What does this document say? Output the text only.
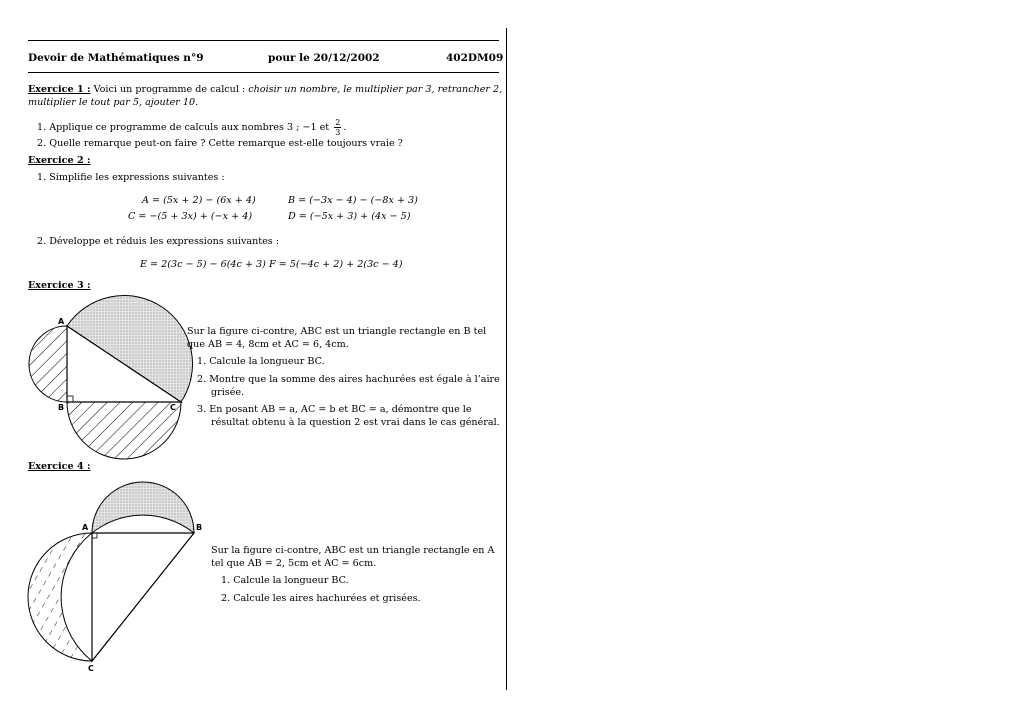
Devoir de Mathématiques n°9	pour le 20/12/2002	402DM09
Exercice 1 : Voici un programme de calcul : choisir un nombre, le multiplier par 3, retrancher 2,
multiplier le tout par 5, ajouter 10.
1. Applique ce programme de calculs aux nombres 3 ; −1 et $\frac{2}{3}$ .
2. Quelle remarque peut-on faire ? Cette remarque est-elle toujours vraie ?
Exercice 2 :
1. Simplifie les expressions suivantes :
A = (5x + 2) − (6x + 4)	B = (−3x − 4) − (−8x + 3)
C = −(5 + 3x) + (−x + 4)	D = (−5x + 3) + (4x − 5)
2. Développe et réduis les expressions suivantes :
E = 2(3c − 5) − 6(4c + 3) F = 5(−4c + 2) + 2(3c − 4)
Exercice 3 :
A
B	C
Sur la figure ci-contre, ABC est un triangle rectangle en B tel
que AB = 4, 8cm et AC = 6, 4cm.
1. Calcule la longueur BC.
2. Montre que la somme des aires hachurées est égale à l’aire
grisée.
3. En posant AB = a, AC = b et BC = a, démontre que le
résultat obtenu à la question 2 est vrai dans le cas général.
Exercice 4 :
A	B
C
Sur la figure ci-contre, ABC est un triangle rectangle en A
tel que AB = 2, 5cm et AC = 6cm.
1. Calcule la longueur BC.
2. Calcule les aires hachurées et grisées.
